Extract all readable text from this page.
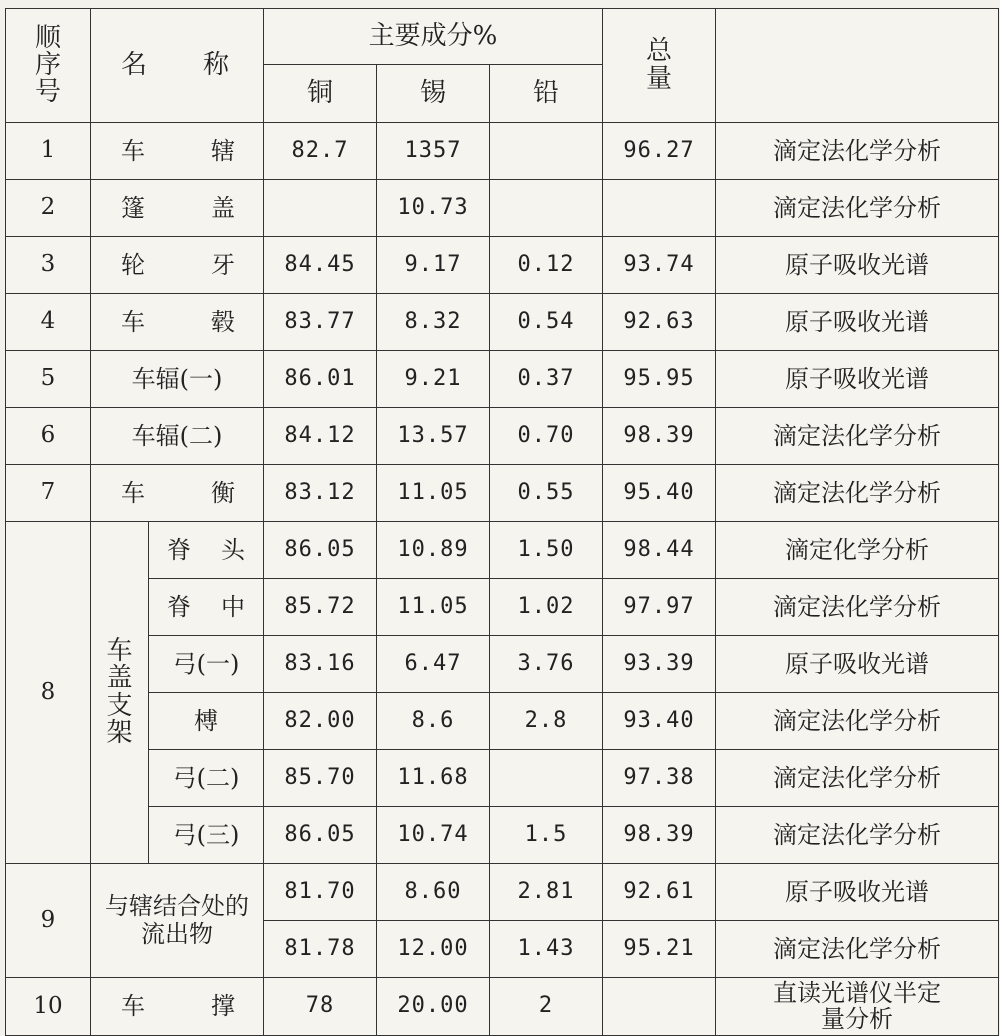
顺序号	名 称		主要成分%			总量	

			铜	锡	铅		
1	车 辖		82.7	1357		96.27	滴定法化学分析
2	篷 盖			10.73			滴定法化学分析
3	轮 牙		84.45	9.17	0.12	93.74	原子吸收光谱
4	车 毂		83.77	8.32	0.54	92.63	原子吸收光谱
5	车辐(一)		86.01	9.21	0.37	95.95	原子吸收光谱
6	车辐(二)		84.12	13.57	0.70	98.39	滴定法化学分析
7	车 衡		83.12	11.05	0.55	95.40	滴定法化学分析
8	车盖支架	脊 头	86.05	10.89	1.50	98.44	滴定化学分析

		脊 中	85.72	11.05	1.02	97.97	滴定法化学分析
		弓(一)	83.16	6.47	3.76	93.39	原子吸收光谱
		榑	82.00	8.6	2.8	93.40	滴定法化学分析
		弓(二)	85.70	11.68		97.38	滴定法化学分析
		弓(三)	86.05	10.74	1.5	98.39	滴定法化学分析
9	与辖结合处的流出物		81.70	8.60	2.81	92.61	原子吸收光谱
			81.78	12.00	1.43	95.21	滴定法化学分析
10	车 撑		78	20.00	2		直读光谱仪半定量分析
